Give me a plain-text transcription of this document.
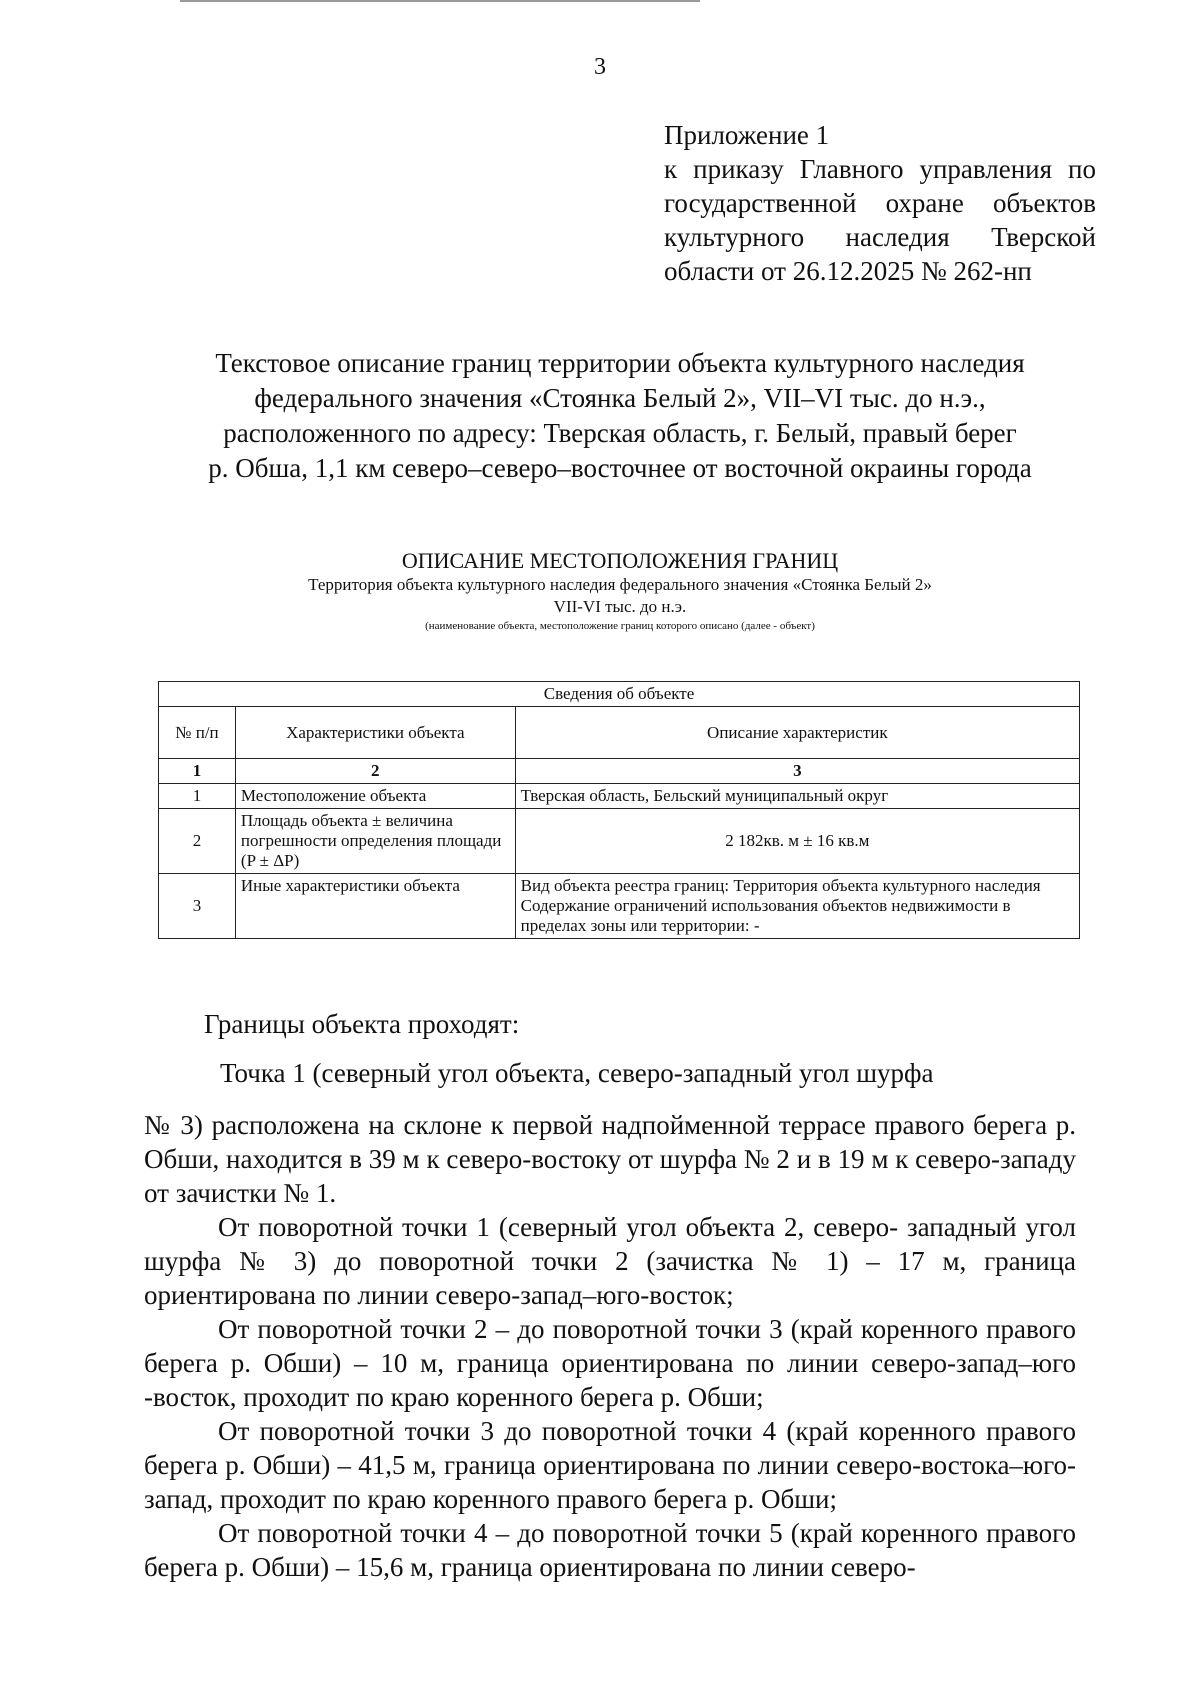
3
Приложение 1
к приказу Главного управления по
государственной охране объектов
культурного наследия Тверской
области от 26.12.2025 № 262-нп
Текстовое описание границ территории объекта культурного наследия
федерального значения «Стоянка Белый 2», VII–VI тыс. до н.э.,
расположенного по адресу: Тверская область, г. Белый, правый берег
р. Обша, 1,1 км северо–северо–восточнее от восточной окраины города
ОПИСАНИЕ МЕСТОПОЛОЖЕНИЯ ГРАНИЦ
Территория объекта культурного наследия федерального значения «Стоянка Белый 2»
VII-VI тыс. до н.э.
(наименование объекта, местоположение границ которого описано (далее - объект)
Сведения об объекте		
№ п/п	Характеристики объекта	Описание характеристик
1	2	3
1	Местоположение объекта	Тверская область, Бельский муниципальный округ
2	Площадь объекта ± величина погрешности определения площади (P ± ΔP)	2 182кв. м ± 16 кв.м
3	Иные характеристики объекта	Вид объекта реестра границ: Территория объекта культурного наследия
Содержание ограничений использования объектов недвижимости в пределах зоны или территории: -
Границы объекта проходят:
Точка 1 (северный угол объекта, северо-западный угол шурфа
№ 3) расположена на склоне к первой надпойменной террасе правого берега р. Обши, находится в 39 м к северо-востоку от шурфа № 2 и в 19 м к северо-западу от зачистки № 1.
От поворотной точки 1 (северный угол объекта 2, северо- западный угол шурфа № 3) до поворотной точки 2 (зачистка № 1) – 17 м, граница ориентирована по линии северо-запад–юго-восток;
От поворотной точки 2 – до поворотной точки 3 (край коренного правого берега р. Обши) – 10 м, граница ориентирована по линии северо-запад–юго -восток, проходит по краю коренного берега р. Обши;
От поворотной точки 3 до поворотной точки 4 (край коренного правого берега р. Обши) – 41,5 м, граница ориентирована по линии северо-востока–юго-запад, проходит по краю коренного правого берега р. Обши;
От поворотной точки 4 – до поворотной точки 5 (край коренного правого берега р. Обши) – 15,6 м, граница ориентирована по линии северо-
